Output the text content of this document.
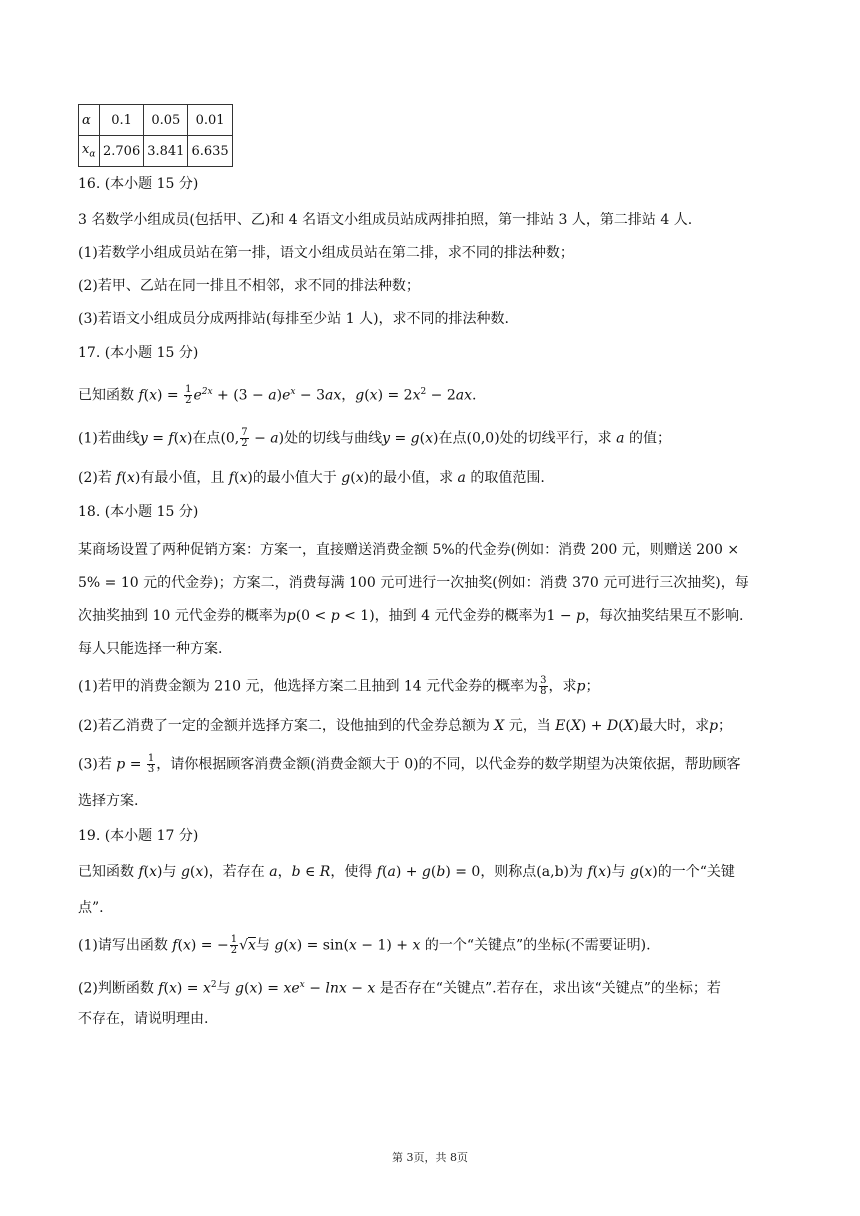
α	0.1	0.05	0.01
$x_\alpha$	2.706	3.841	6.635
16. (本小题 15 分)
3 名数学小组成员(包括甲、乙)和 4 名语文小组成员站成两排拍照，第一排站 3 人，第二排站 4 人.
(1)若数学小组成员站在第一排，语文小组成员站在第二排，求不同的排法种数；
(2)若甲、乙站在同一排且不相邻，求不同的排法种数；
(3)若语文小组成员分成两排站(每排至少站 1 人)，求不同的排法种数.
17. (本小题 15 分)
已知函数 $f(x) = \frac{1}{2} e^{2x} + (3 - a)e^x - 3ax$，$g(x) = 2x^2 - 2ax$.
(1)若曲线y = f(x)在点(0, $\frac{7}{2} - a$)处的切线与曲线y = g(x)在点(0,0)处的切线平行，求 a 的值；
(2)若 f(x)有最小值，且 f(x)的最小值大于 g(x)的最小值，求 a 的取值范围.
18. (本小题 15 分)
某商场设置了两种促销方案：方案一，直接赠送消费金额 5%的代金券(例如：消费 200 元，则赠送 200 ×
5% = 10 元的代金券)；方案二，消费每满 100 元可进行一次抽奖(例如：消费 370 元可进行三次抽奖)，每
次抽奖抽到 10 元代金券的概率为p(0 < p < 1)，抽到 4 元代金券的概率为1 − p，每次抽奖结果互不影响.
每人只能选择一种方案.
(1)若甲的消费金额为 210 元，他选择方案二且抽到 14 元代金券的概率为 $\frac{3}{8}$ ，求p；
(2)若乙消费了一定的金额并选择方案二，设他抽到的代金券总额为 X 元，当 E(X) + D(X)最大时，求p；
(3)若 $p = \frac{1}{3}$ ，请你根据顾客消费金额(消费金额大于 0)的不同，以代金券的数学期望为决策依据，帮助顾客
选择方案.
19. (本小题 17 分)
已知函数 f(x)与 g(x)，若存在 a，b ∈ R，使得 f(a) + g(b) = 0，则称点(a,b)为 f(x)与 g(x)的一个“关键
点”.
(1)请写出函数 f(x) = − $\frac{1}{2} √x$与 g(x) = sin(x − 1) + x 的一个“关键点”的坐标(不需要证明).
(2)判断函数 $f(x) = x^2$与 $g(x) = xe^x - \ln x - x$ 是否存在“关键点”.若存在，求出该“关键点”的坐标；若
不存在，请说明理由.
第 3页，共 8页
